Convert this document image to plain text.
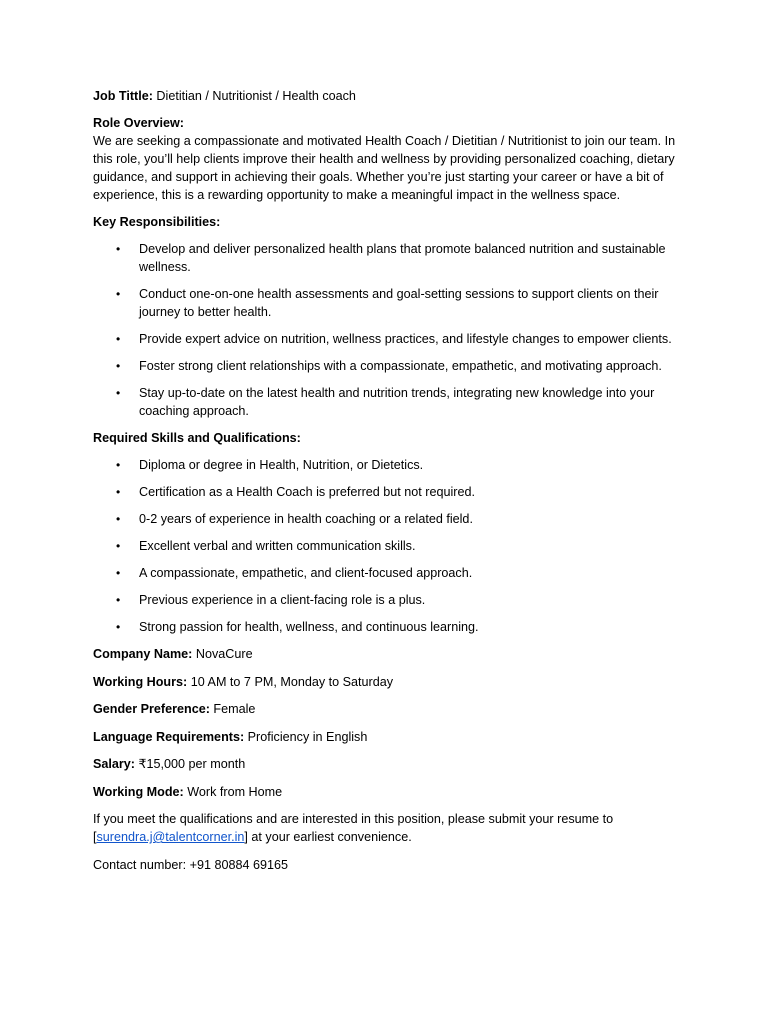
Job Tittle: Dietitian / Nutritionist / Health coach

Role Overview:

We are seeking a compassionate and motivated Health Coach / Dietitian / Nutritionist to join our team. In this role, you’ll help clients improve their health and wellness by providing personalized coaching, dietary guidance, and support in achieving their goals. Whether you’re just starting your career or have a bit of experience, this is a rewarding opportunity to make a meaningful impact in the wellness space.

Key Responsibilities:

• Develop and deliver personalized health plans that promote balanced nutrition and sustainable wellness.
• Conduct one-on-one health assessments and goal-setting sessions to support clients on their journey to better health.
• Provide expert advice on nutrition, wellness practices, and lifestyle changes to empower clients.
• Foster strong client relationships with a compassionate, empathetic, and motivating approach.
• Stay up-to-date on the latest health and nutrition trends, integrating new knowledge into your coaching approach.

Required Skills and Qualifications:

• Diploma or degree in Health, Nutrition, or Dietetics.
• Certification as a Health Coach is preferred but not required.
• 0-2 years of experience in health coaching or a related field.
• Excellent verbal and written communication skills.
• A compassionate, empathetic, and client-focused approach.
• Previous experience in a client-facing role is a plus.
• Strong passion for health, wellness, and continuous learning.

Company Name: NovaCure

Working Hours: 10 AM to 7 PM, Monday to Saturday

Gender Preference: Female

Language Requirements: Proficiency in English

Salary: ₹15,000 per month

Working Mode: Work from Home

If you meet the qualifications and are interested in this position, please submit your resume to [surendra.j@talentcorner.in] at your earliest convenience.

Contact number: +91 80884 69165
